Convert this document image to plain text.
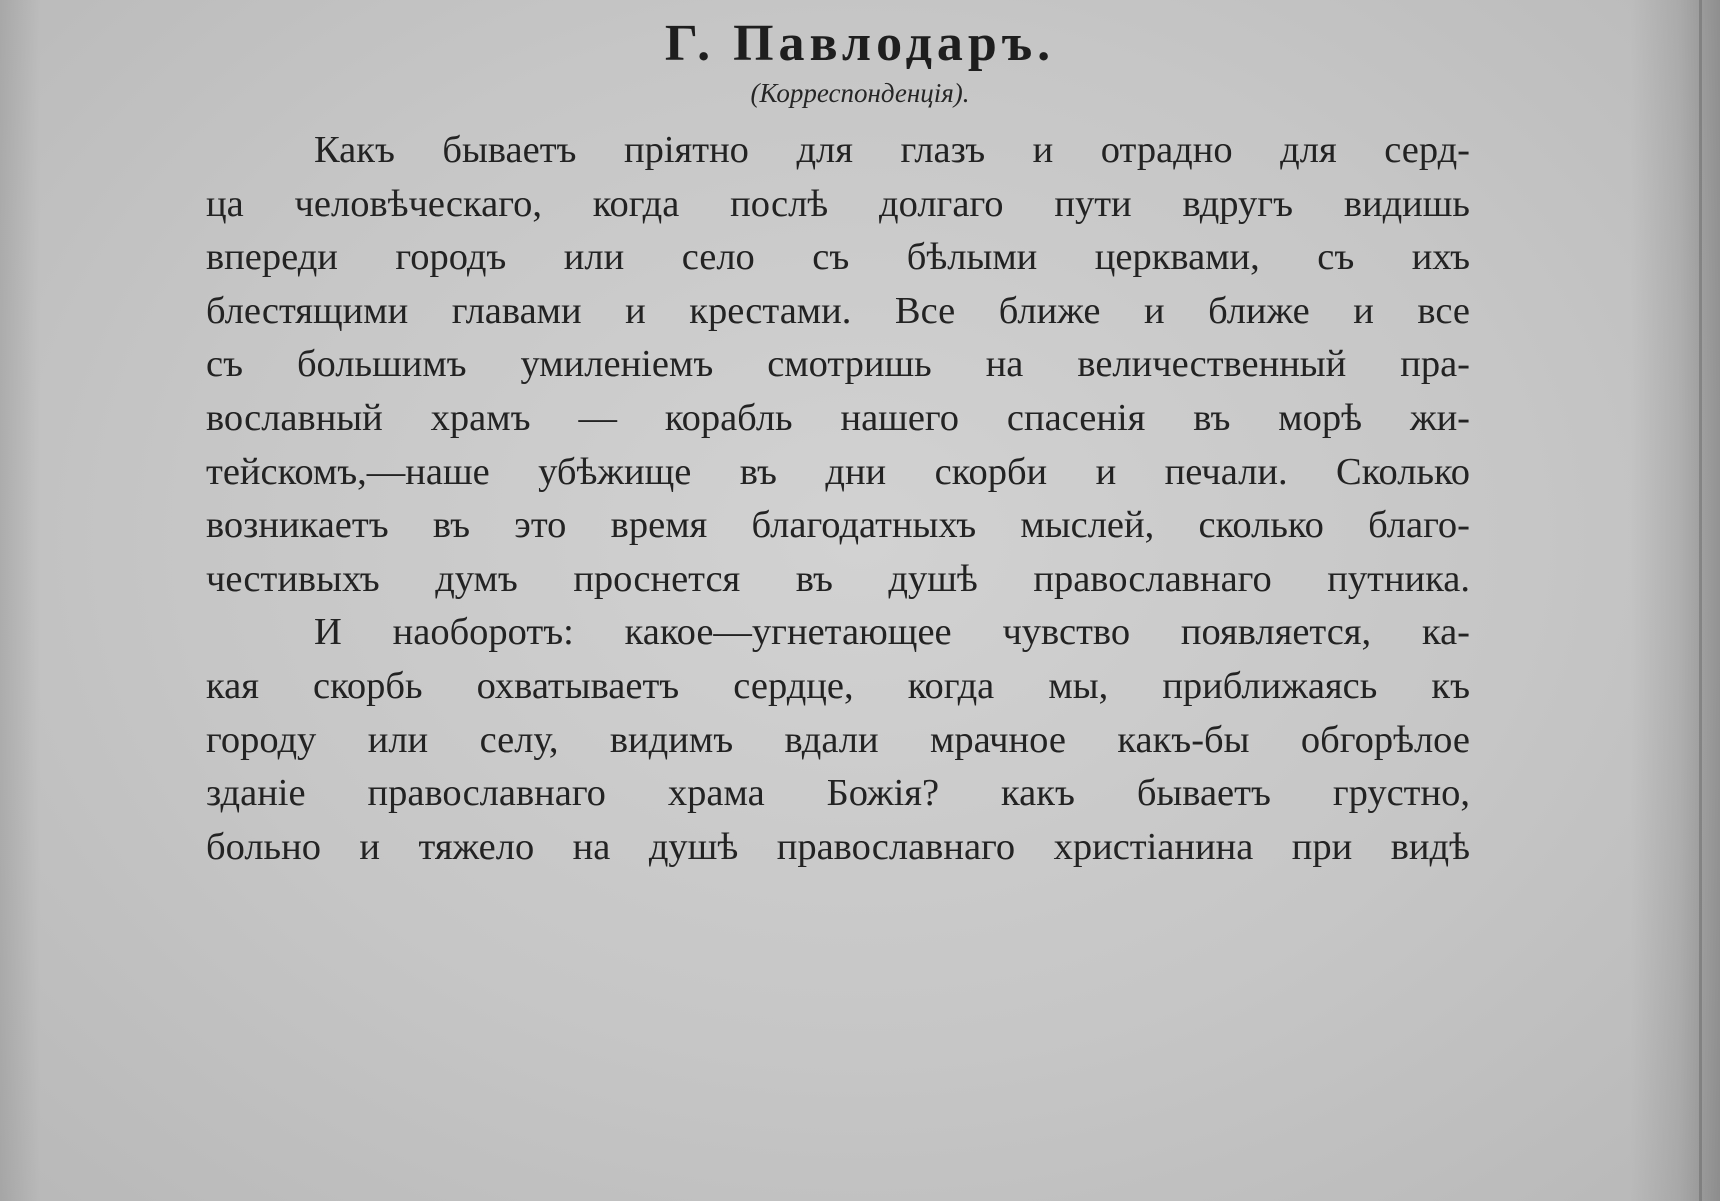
Г. Павлодаръ.
(Корреспонденція).
Какъ бываетъ пріятно для глазъ и отрадно для серд-
ца человѣческаго, когда послѣ долгаго пути вдругъ видишь
впереди городъ или село съ бѣлыми церквами, съ ихъ
блестящими главами и крестами. Все ближе и ближе и все
съ большимъ умиленіемъ смотришь на величественный пра-
вославный храмъ — корабль нашего спасенія въ морѣ жи-
тейскомъ,—наше убѣжище въ дни скорби и печали. Сколько
возникаетъ въ это время благодатныхъ мыслей, сколько благо-
честивыхъ думъ проснется въ душѣ православнаго путника.
И наоборотъ: какое—угнетающее чувство появляется, ка-
кая скорбь охватываетъ сердце, когда мы, приближаясь къ
городу или селу, видимъ вдали мрачное какъ-бы обгорѣлое
зданіе православнаго храма Божія? какъ бываетъ грустно,
больно и тяжело на душѣ православнаго христіанина при видѣ
